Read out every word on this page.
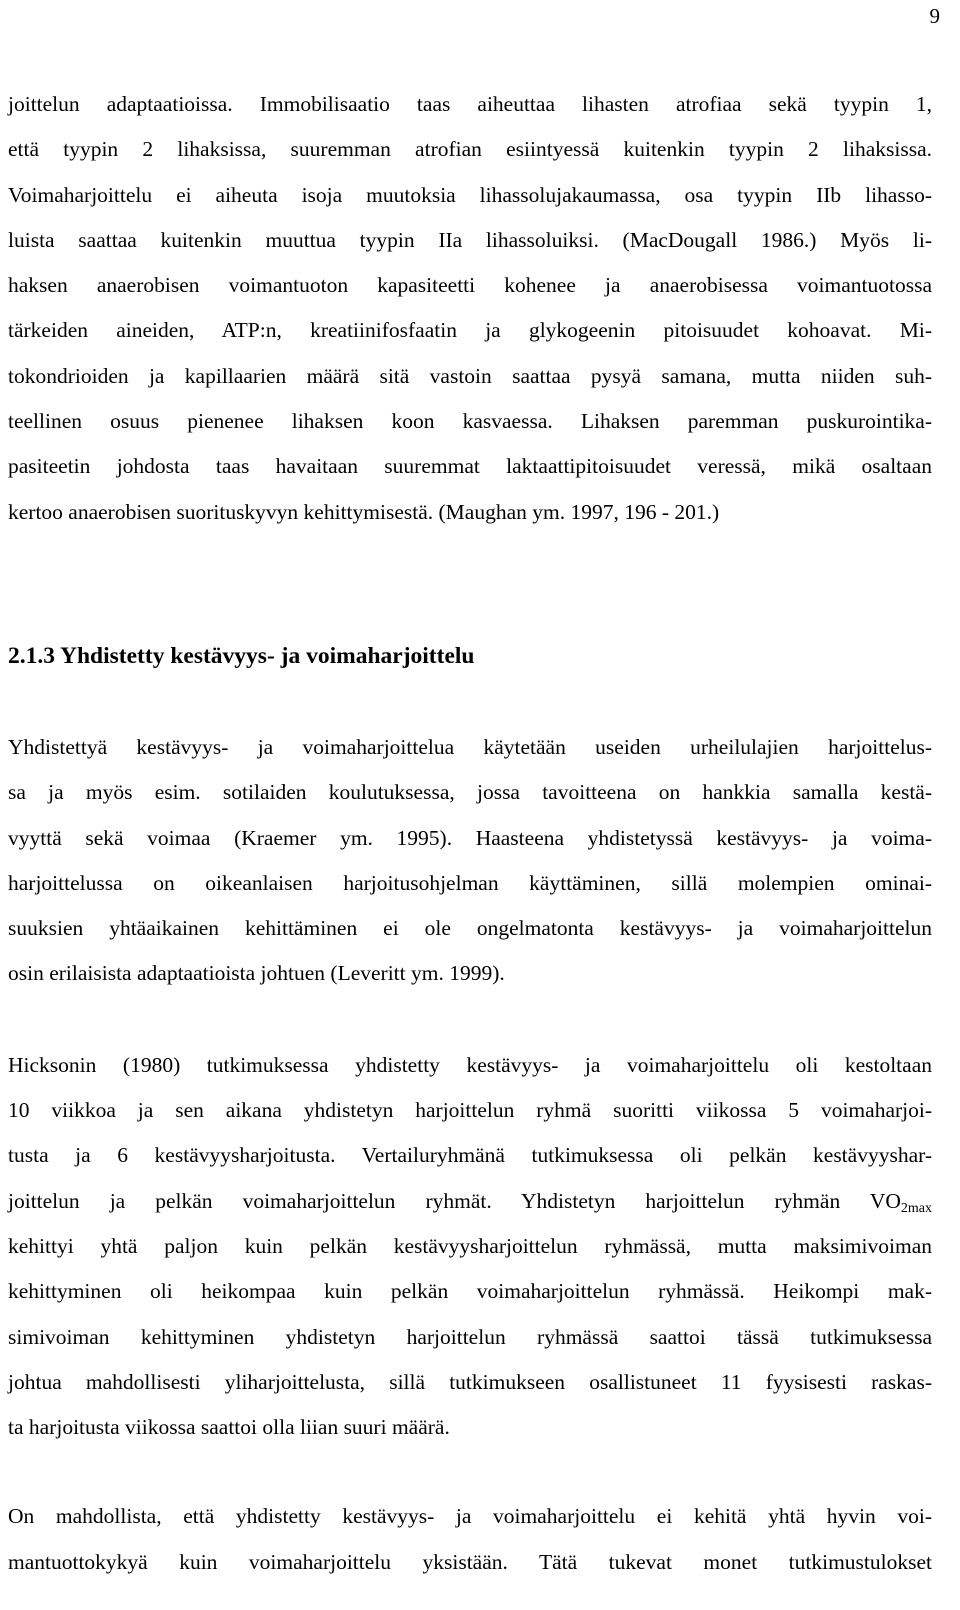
9
joittelun adaptaatioissa. Immobilisaatio taas aiheuttaa lihasten atrofiaa sekä tyypin 1,
että tyypin 2 lihaksissa, suuremman atrofian esiintyessä kuitenkin tyypin 2 lihaksissa.
Voimaharjoittelu ei aiheuta isoja muutoksia lihassolujakaumassa, osa tyypin IIb lihasso-
luista saattaa kuitenkin muuttua tyypin IIa lihassoluiksi. (MacDougall 1986.) Myös li-
haksen anaerobisen voimantuoton kapasiteetti kohenee ja anaerobisessa voimantuotossa
tärkeiden aineiden, ATP:n, kreatiinifosfaatin ja glykogeenin pitoisuudet kohoavat. Mi-
tokondrioiden ja kapillaarien määrä sitä vastoin saattaa pysyä samana, mutta niiden suh-
teellinen osuus pienenee lihaksen koon kasvaessa. Lihaksen paremman puskurointika-
pasiteetin johdosta taas havaitaan suuremmat laktaattipitoisuudet veressä, mikä osaltaan
kertoo anaerobisen suorituskyvyn kehittymisestä. (Maughan ym. 1997, 196 - 201.)
2.1.3 Yhdistetty kestävyys- ja voimaharjoittelu
Yhdistettyä kestävyys- ja voimaharjoittelua käytetään useiden urheilulajien harjoittelus-
sa ja myös esim. sotilaiden koulutuksessa, jossa tavoitteena on hankkia samalla kestä-
vyyttä sekä voimaa (Kraemer ym. 1995). Haasteena yhdistetyssä kestävyys- ja voima-
harjoittelussa on oikeanlaisen harjoitusohjelman käyttäminen, sillä molempien ominai-
suuksien yhtäaikainen kehittäminen ei ole ongelmatonta kestävyys- ja voimaharjoittelun
osin erilaisista adaptaatioista johtuen (Leveritt ym. 1999).
Hicksonin (1980) tutkimuksessa yhdistetty kestävyys- ja voimaharjoittelu oli kestoltaan
10 viikkoa ja sen aikana yhdistetyn harjoittelun ryhmä suoritti viikossa 5 voimaharjoi-
tusta ja 6 kestävyysharjoitusta. Vertailuryhmänä tutkimuksessa oli pelkän kestävyyshar-
joittelun ja pelkän voimaharjoittelun ryhmät. Yhdistetyn harjoittelun ryhmän $VO_{2max}$
kehittyi yhtä paljon kuin pelkän kestävyysharjoittelun ryhmässä, mutta maksimivoiman
kehittyminen oli heikompaa kuin pelkän voimaharjoittelun ryhmässä. Heikompi mak-
simivoiman kehittyminen yhdistetyn harjoittelun ryhmässä saattoi tässä tutkimuksessa
johtua mahdollisesti yliharjoittelusta, sillä tutkimukseen osallistuneet 11 fyysisesti raskas-
ta harjoitusta viikossa saattoi olla liian suuri määrä.
On mahdollista, että yhdistetty kestävyys- ja voimaharjoittelu ei kehitä yhtä hyvin voi-
mantuottokykyä kuin voimaharjoittelu yksistään. Tätä tukevat monet tutkimustulokset
